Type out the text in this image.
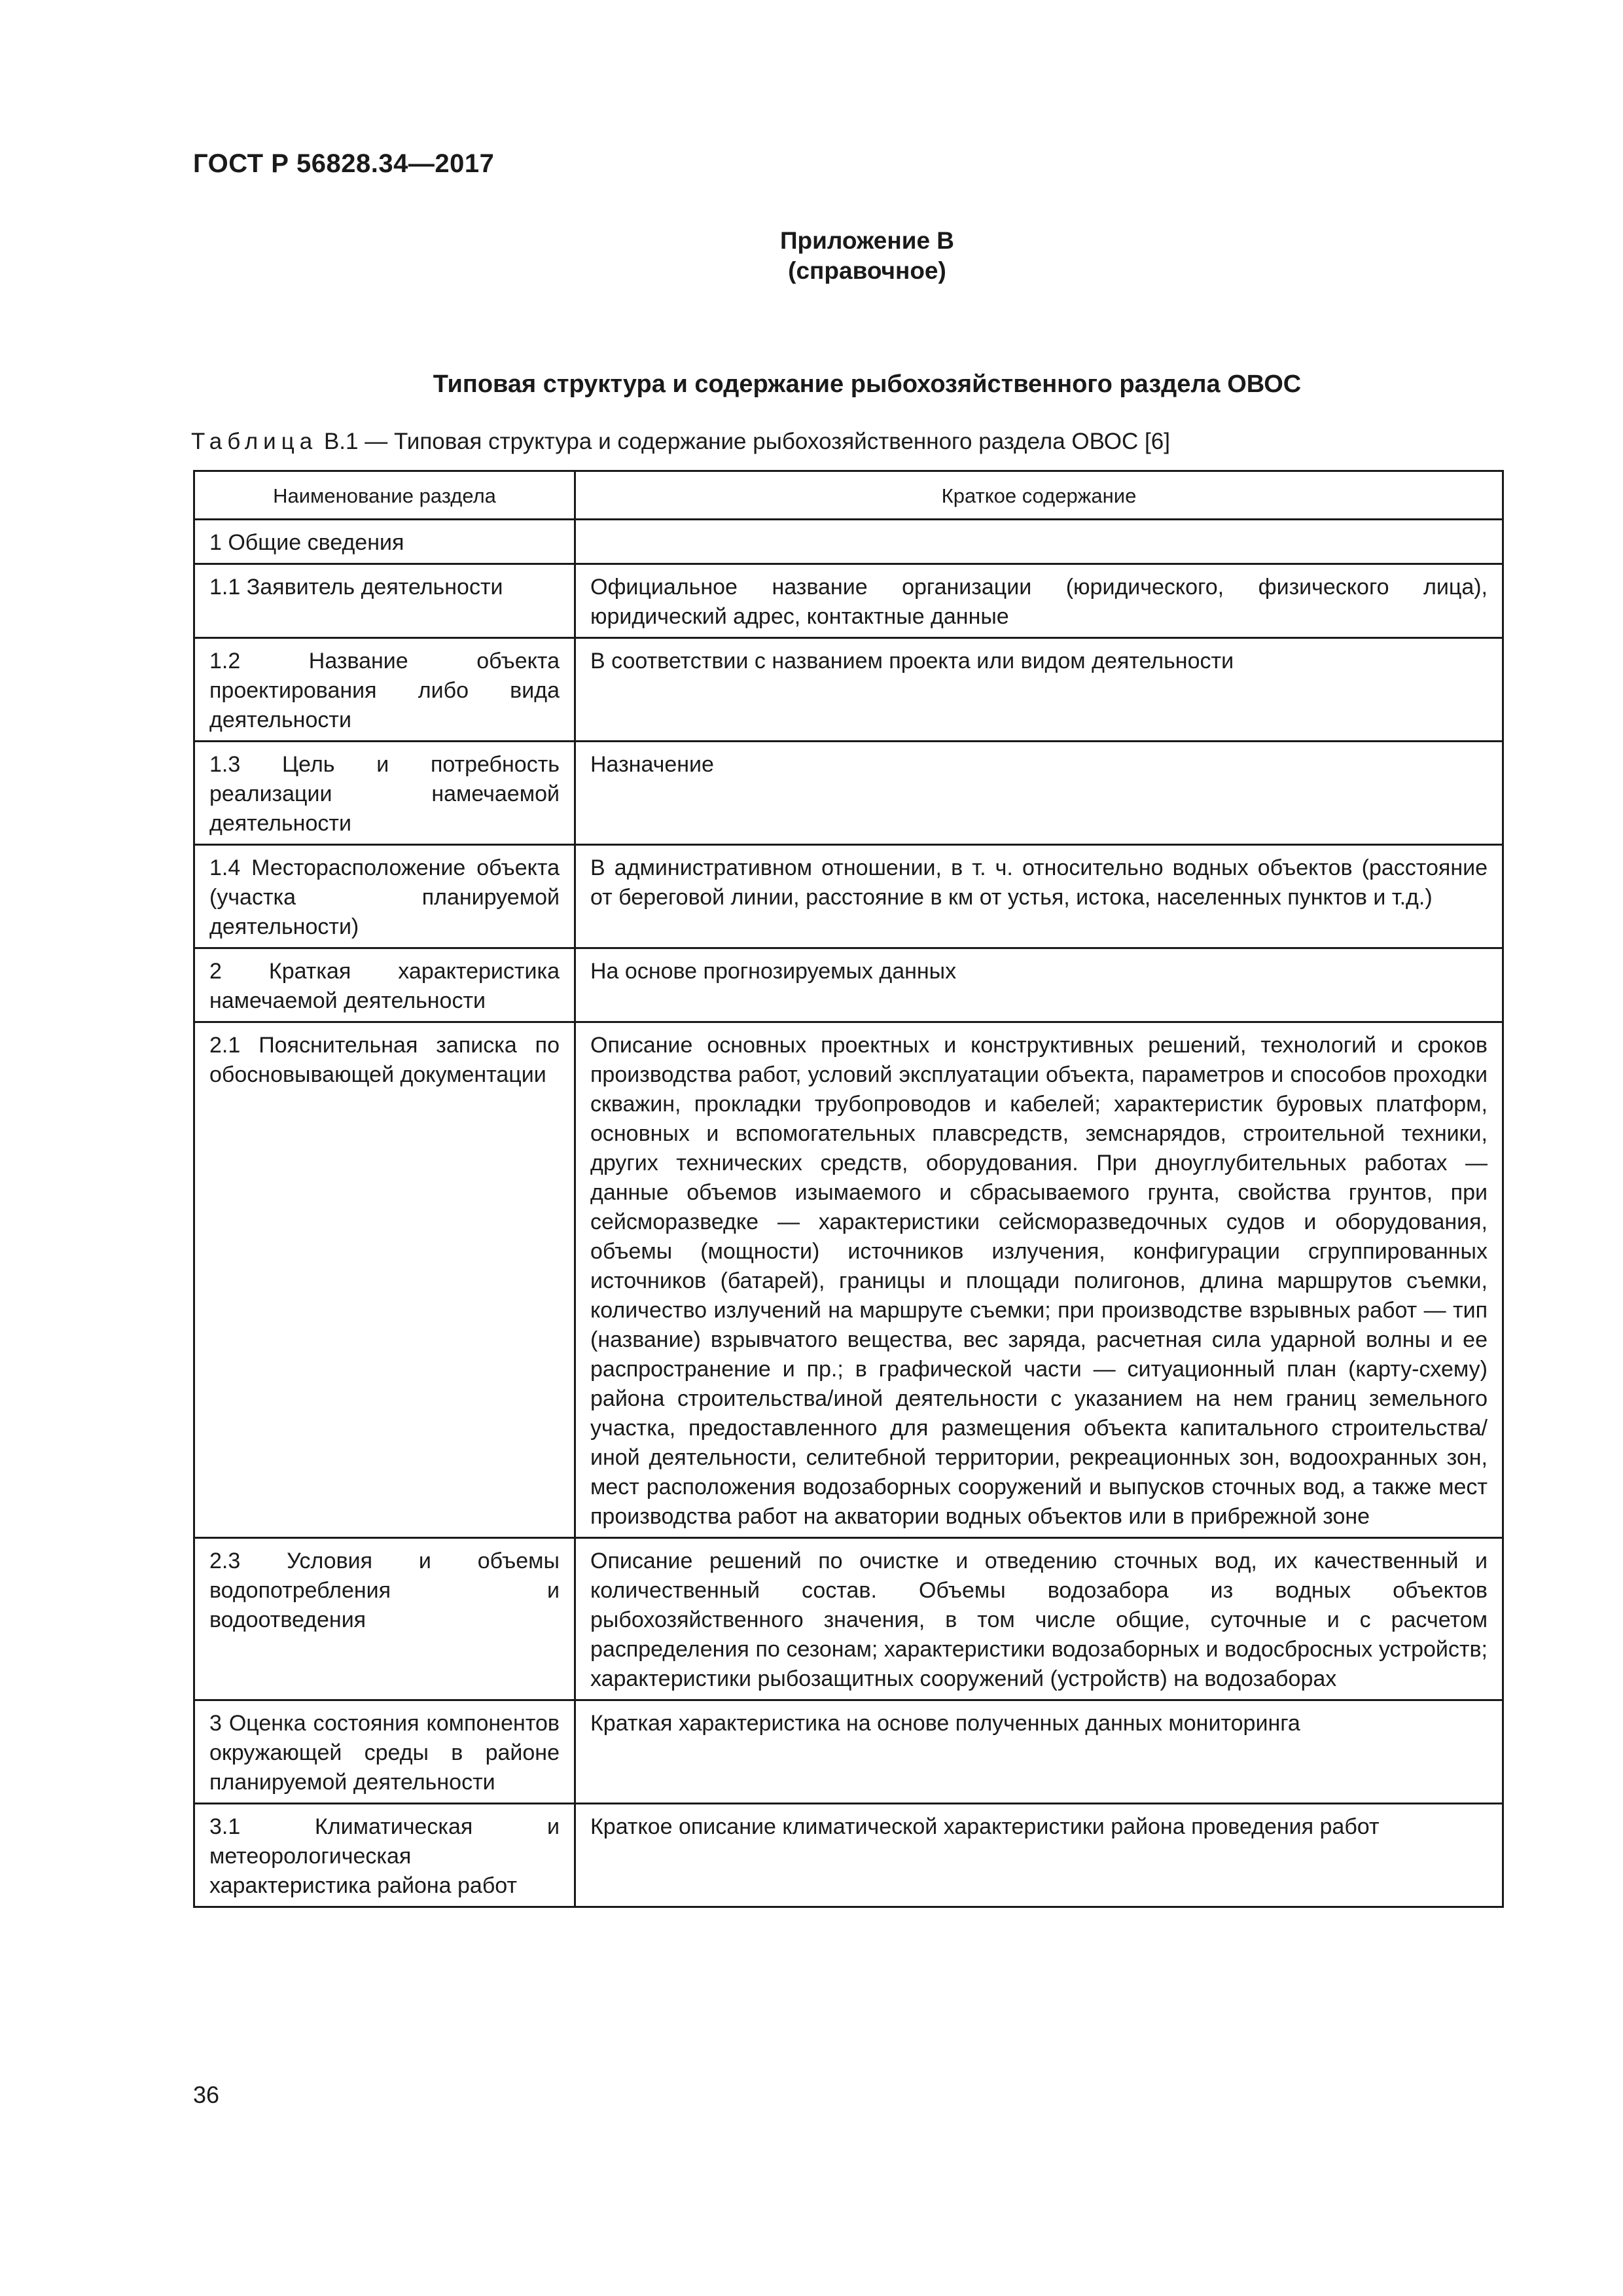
ГОСТ Р 56828.34—2017
Приложение В
(справочное)
Типовая структура и содержание рыбохозяйственного раздела ОВОС
Таблица В.1 — Типовая структура и содержание рыбохозяйственного раздела ОВОС [6]
Наименование раздела	Краткое содержание
1 Общие сведения	
1.1 Заявитель деятельности	Официальное название организации (юридического, физического лица), юридический адрес, контактные данные
1.2 Название объекта проектирования либо вида деятельности	В соответствии с названием проекта или видом деятельности
1.3 Цель и потребность реализации намечаемой деятельности	Назначение
1.4 Месторасположение объекта (участка планируемой деятельности)	В административном отношении, в т. ч. относительно водных объектов (расстояние от береговой линии, расстояние в км от устья, истока, населенных пунктов и т.д.)
2 Краткая характеристика намечаемой деятельности	На основе прогнозируемых данных
2.1 Пояснительная записка по обосновывающей документации	Описание основных проектных и конструктивных решений, технологий и сроков производства работ, условий эксплуатации объекта, параметров и способов проходки скважин, прокладки трубопроводов и кабелей; характеристик буровых платформ, основных и вспомогательных плавсредств, земснарядов, строительной техники, других технических средств, оборудования. При дноуглубительных работах — данные объемов изымаемого и сбрасываемого грунта, свойства грунтов, при сейсморазведке — характеристики сейсморазведочных судов и оборудования, объемы (мощности) источников излучения, конфигурации сгруппированных источников (батарей), границы и площади полигонов, длина маршрутов съемки, количество излучений на маршруте съемки; при производстве взрывных работ — тип (название) взрывчатого вещества, вес заряда, расчетная сила ударной волны и ее распространение и пр.; в графической части — ситуационный план (карту-схему) района строительства/иной деятельности с указанием на нем границ земельного участка, предоставленного для размещения объекта капитального строительства/иной деятельности, селитебной территории, рекреационных зон, водоохранных зон, мест расположения водозаборных сооружений и выпусков сточных вод, а также мест производства работ на акватории водных объектов или в прибрежной зоне
2.3 Условия и объемы водопотребления и водоотведения	Описание решений по очистке и отведению сточных вод, их качественный и количественный состав. Объемы водозабора из водных объектов рыбохозяйственного значения, в том числе общие, суточные и с расчетом распределения по сезонам; характеристики водозаборных и водосбросных устройств; характеристики рыбозащитных сооружений (устройств) на водозаборах
3 Оценка состояния компонентов окружающей среды в районе планируемой деятельности	Краткая характеристика на основе полученных данных мониторинга
3.1 Климатическая и метеорологическая характеристика района работ	Краткое описание климатической характеристики района проведения работ
36
